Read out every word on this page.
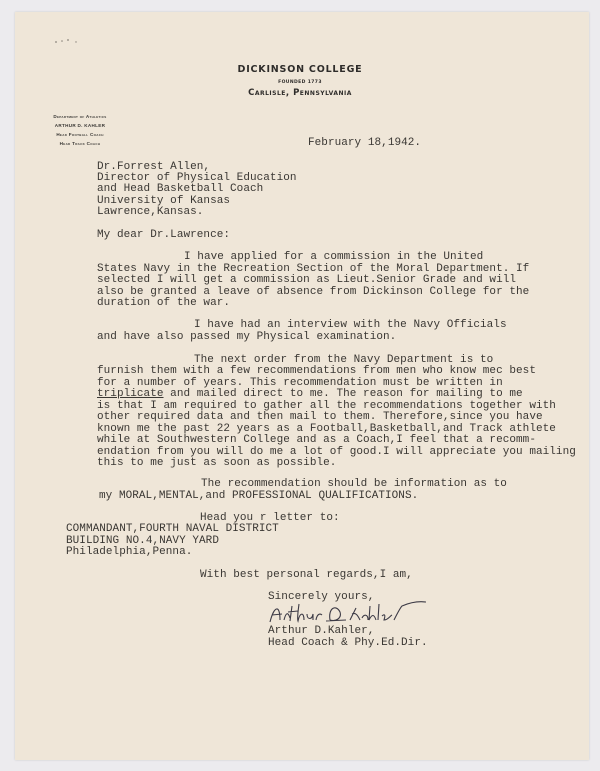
DICKINSON COLLEGE
FOUNDED 1773
Carlisle, Pennsylvania
Department of Athletics
ARTHUR D. KAHLER
Head Football Coach
Head Track Coach	February 18,1942.
Dr.Forrest Allen,
Director of Physical Education
and Head Basketball Coach
University of Kansas
Lawrence,Kansas.
My dear Dr.Lawrence:
I have applied for a commission in the United
States Navy in the Recreation Section of the Moral Department. If
selected I will get a commission as Lieut.Senior Grade and will
also be granted a leave of absence from Dickinson College for the
duration of the war.
I have had an interview with the Navy Officials
and have also passed my Physical examination.
The next order from the Navy Department is to
furnish them with a few recommendations from men who know mec best
for a number of years. This recommendation must be written in
triplicate and mailed direct to me. The reason for mailing to me
is that I am required to gather all the recommendations together with
other required data and then mail to them. Therefore,since you have
known me the past 22 years as a Football,Basketball,and Track athlete
while at Southwestern College and as a Coach,I feel that a recomm-
endation from you will do me a lot of good.I will appreciate you mailing
this to me just as soon as possible.
The recommendation should be information as to
my MORAL,MENTAL,and PROFESSIONAL QUALIFICATIONS.
Head you r letter to:
COMMANDANT,FOURTH NAVAL DISTRICT
BUILDING NO.4,NAVY YARD
Philadelphia,Penna.
With best personal regards,I am,
Sincerely yours,
Arthur D.Kahler,
Head Coach & Phy.Ed.Dir.
